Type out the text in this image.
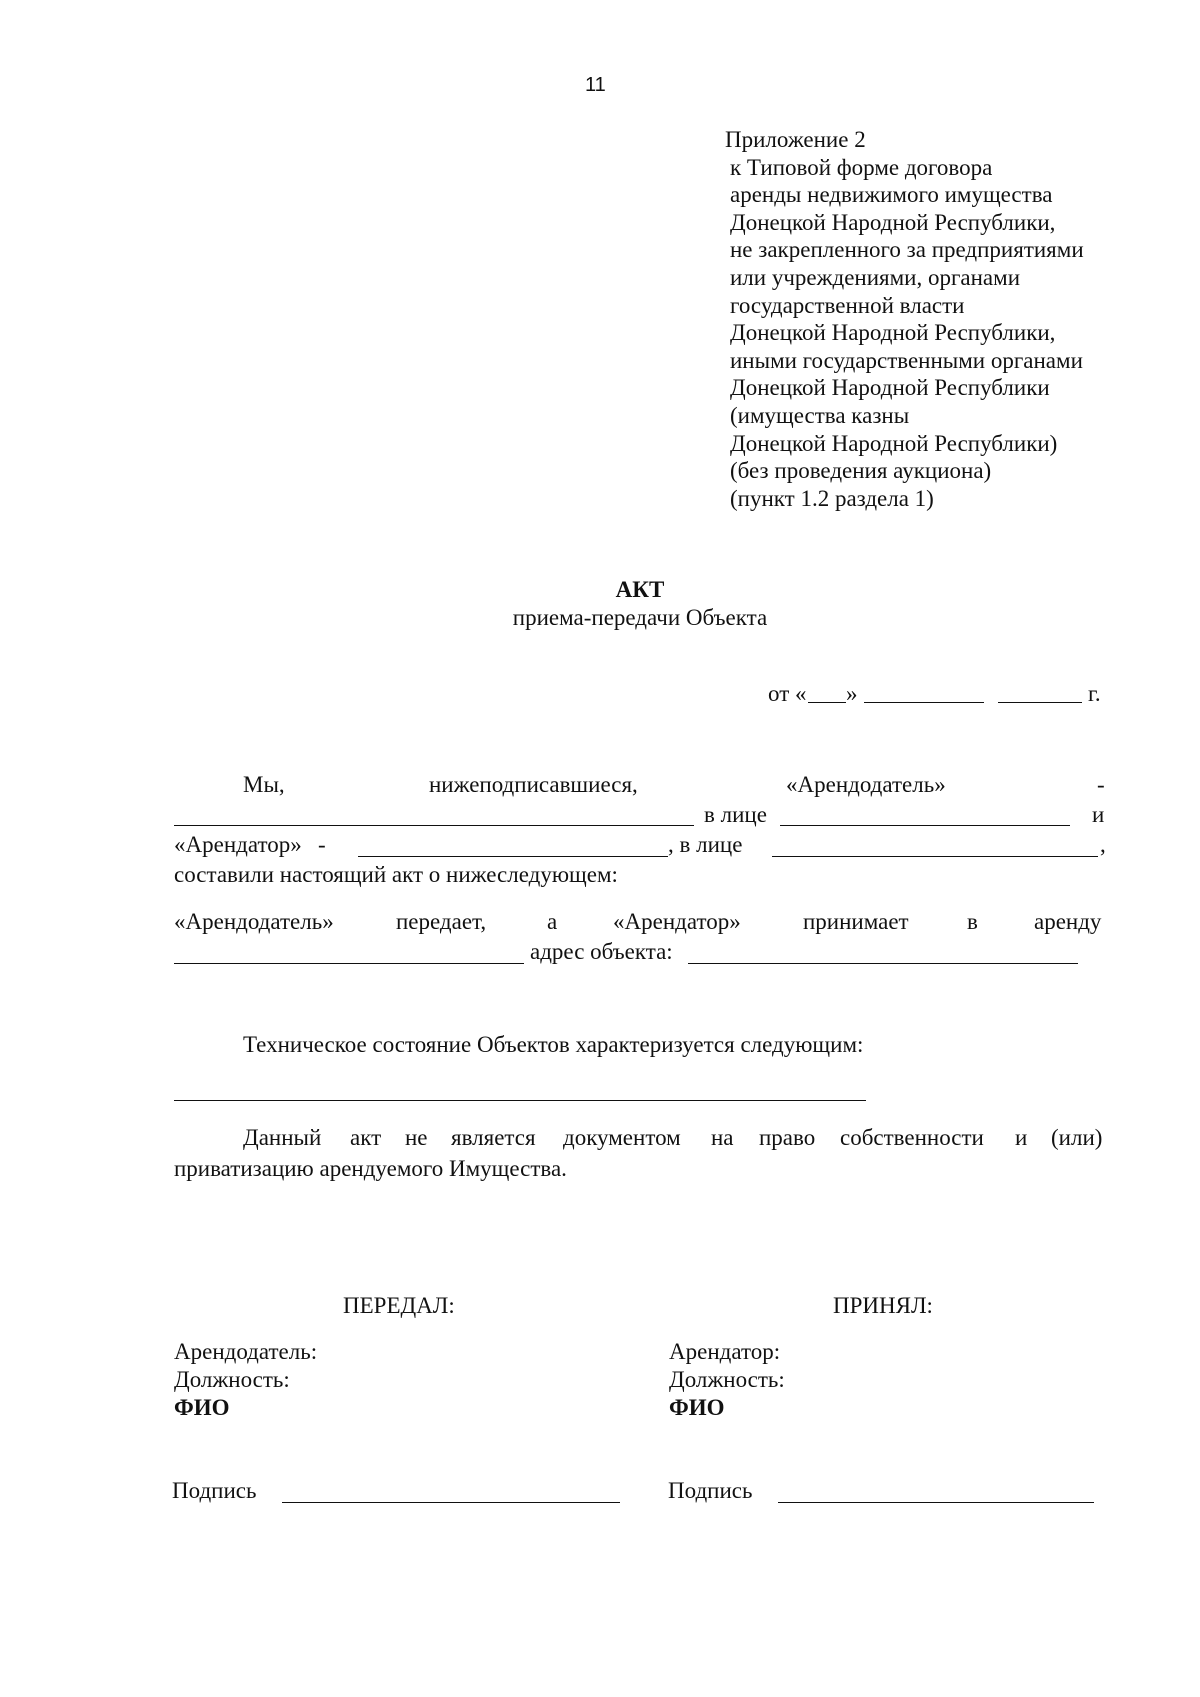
11
Приложение 2
к Типовой форме договора
аренды недвижимого имущества
Донецкой Народной Республики,
не закрепленного за предприятиями
или учреждениями, органами
государственной власти
Донецкой Народной Республики,
иными государственными органами
Донецкой Народной Республики
(имущества казны
Донецкой Народной Республики)
(без проведения аукциона)
(пункт 1.2 раздела 1)
АКТ
приема-передачи Объекта
от « »	г.
Мы,	нижеподписавшиеся,	«Арендодатель»	-
в лице	и
«Арендатор» -	, в лице	,
составили настоящий акт о нижеследующем:
«Арендодатель»	передает,	а «Арендатор»	принимает	в аренду
адрес объекта:
Техническое состояние Объектов характеризуется следующим:
Данный акт не является документом на право собственности и (или)
приватизацию арендуемого Имущества.
ПЕРЕДАЛ:
Арендодатель:
Должность:
ФИО
Подпись
ПРИНЯЛ:
Арендатор:
Должность:
ФИО
Подпись
